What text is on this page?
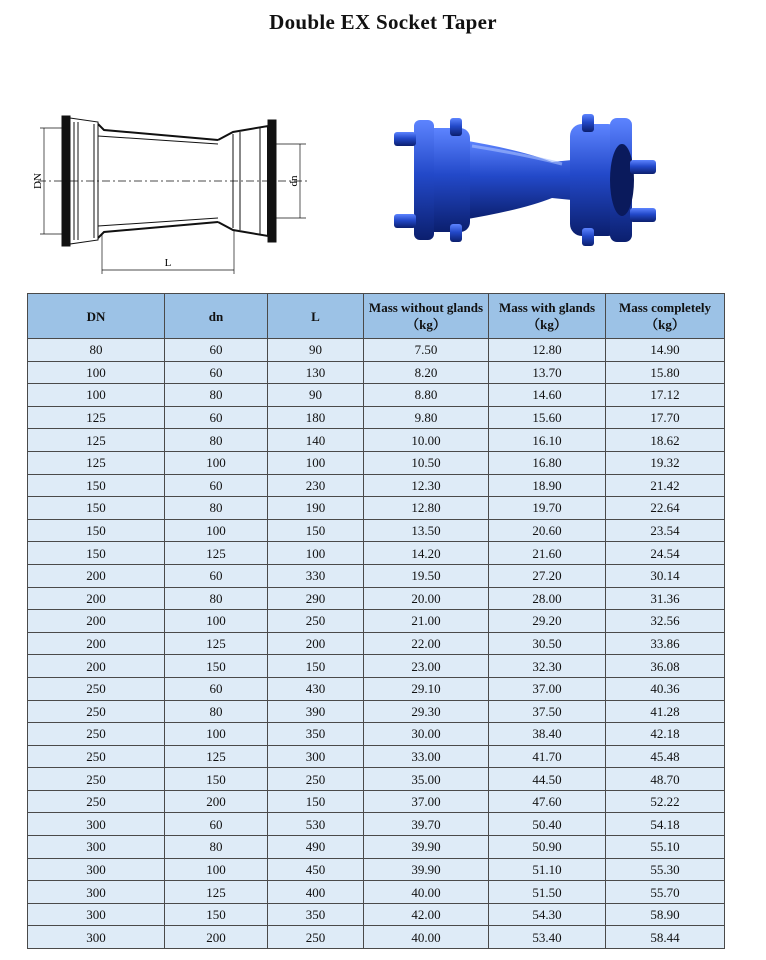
Double EX Socket Taper
DN	dn
L
DN	dn	L	Mass without glands（kg）	Mass with glands（kg）	Mass completely（kg）
80	60	90	7.50	12.80	14.90
100	60	130	8.20	13.70	15.80
100	80	90	8.80	14.60	17.12
125	60	180	9.80	15.60	17.70
125	80	140	10.00	16.10	18.62
125	100	100	10.50	16.80	19.32
150	60	230	12.30	18.90	21.42
150	80	190	12.80	19.70	22.64
150	100	150	13.50	20.60	23.54
150	125	100	14.20	21.60	24.54
200	60	330	19.50	27.20	30.14
200	80	290	20.00	28.00	31.36
200	100	250	21.00	29.20	32.56
200	125	200	22.00	30.50	33.86
200	150	150	23.00	32.30	36.08
250	60	430	29.10	37.00	40.36
250	80	390	29.30	37.50	41.28
250	100	350	30.00	38.40	42.18
250	125	300	33.00	41.70	45.48
250	150	250	35.00	44.50	48.70
250	200	150	37.00	47.60	52.22
300	60	530	39.70	50.40	54.18
300	80	490	39.90	50.90	55.10
300	100	450	39.90	51.10	55.30
300	125	400	40.00	51.50	55.70
300	150	350	42.00	54.30	58.90
300	200	250	40.00	53.40	58.44
